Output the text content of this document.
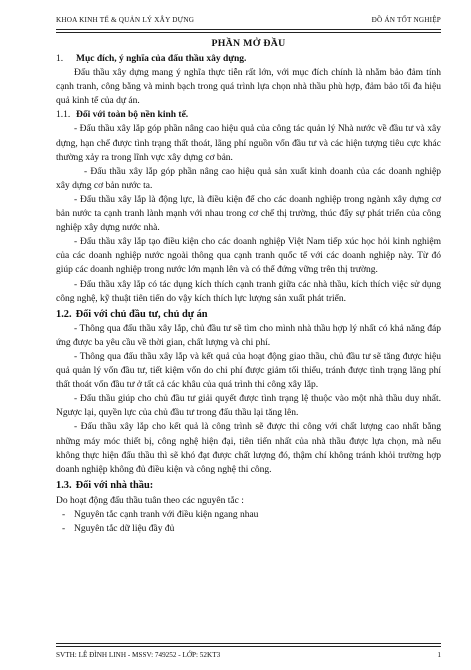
KHOA KINH TẾ & QUẢN LÝ XÂY DỰNG	ĐỒ ÁN TỐT NGHIỆP

PHẦN MỞ ĐẦU

1. Mục đích, ý nghĩa của đấu thầu xây dựng.

Đấu thầu xây dựng mang ý nghĩa thực tiễn rất lớn, với mục đích chính là nhằm bảo đảm tính cạnh tranh, công bằng và minh bạch trong quá trình lựa chọn nhà thầu phù hợp, đảm bảo tối đa hiệu quả kinh tế của dự án.

1.1. Đối với toàn bộ nền kinh tế.

- Đấu thầu xây lắp góp phần nâng cao hiệu quả của công tác quản lý Nhà nước về đầu tư và xây dựng, hạn chế được tình trạng thất thoát, lãng phí nguồn vốn đầu tư và các hiện tượng tiêu cực khác thường xảy ra trong lĩnh vực xây dựng cơ bản.

- Đấu thầu xây lắp góp phần nâng cao hiệu quả sản xuất kinh doanh của các doanh nghiệp xây dựng cơ bản nước ta.

- Đấu thầu xây lắp là động lực, là điều kiện để cho các doanh nghiệp trong ngành xây dựng cơ bản nước ta cạnh tranh lành mạnh với nhau trong cơ chế thị trường, thúc đẩy sự phát triển của công nghiệp xây dựng nước nhà.

- Đấu thầu xây lắp tạo điều kiện cho các doanh nghiệp Việt Nam tiếp xúc học hỏi kinh nghiệm của các doanh nghiệp nước ngoài thông qua cạnh tranh quốc tế với các doanh nghiệp này. Từ đó giúp các doanh nghiệp trong nước lớn mạnh lên và có thể đứng vững trên thị trường.

- Đấu thầu xây lắp có tác dụng kích thích cạnh tranh giữa các nhà thầu, kích thích việc sử dụng công nghệ, kỹ thuật tiên tiến do vậy kích thích lực lượng sản xuất phát triển.

1.2. Đối với chủ đầu tư, chủ dự án

- Thông qua đấu thầu xây lắp, chủ đầu tư sẽ tìm cho mình nhà thầu hợp lý nhất có khả năng đáp ứng được ba yêu cầu về thời gian, chất lượng và chi phí.

- Thông qua đấu thầu xây lắp và kết quả của hoạt động giao thầu, chủ đầu tư sẽ tăng được hiệu quả quản lý vốn đầu tư, tiết kiệm vốn do chi phí được giảm tối thiểu, tránh được tình trạng lãng phí thất thoát vốn đầu tư ở tất cả các khâu của quá trình thi công xây lắp.

- Đấu thầu giúp cho chủ đầu tư giải quyết được tình trạng lệ thuộc vào một nhà thầu duy nhất. Ngược lại, quyền lực của chủ đầu tư trong đấu thầu lại tăng lên.

- Đấu thầu xây lắp cho kết quả là công trình sẽ được thi công với chất lượng cao nhất bằng những máy móc thiết bị, công nghệ hiện đại, tiên tiến nhất của nhà thầu được lựa chọn, mà nếu không thực hiện đấu thầu thì sẽ khó đạt được chất lượng đó, thậm chí không tránh khỏi trường hợp doanh nghiệp không đủ điều kiện và công nghệ thi công.

1.3. Đối với nhà thầu:

Do hoạt động đấu thầu tuân theo các nguyên tắc :

- Nguyên tắc cạnh tranh với điều kiện ngang nhau
- Nguyên tắc dữ liệu đầy đủ
SVTH: LÊ ĐÌNH LINH - MSSV: 749252 - LỚP: 52KT3	1
